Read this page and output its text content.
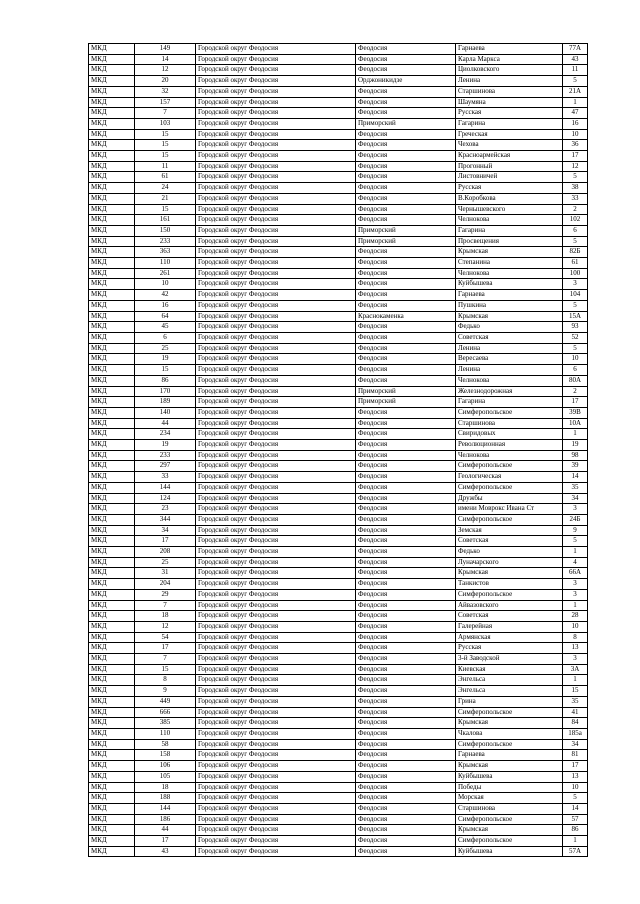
МКД	149	Городской округ Феодосия	Феодосия	Гарнаева	77А
МКД	14	Городской округ Феодосия	Феодосия	Карла Маркса	43
МКД	12	Городской округ Феодосия	Феодосия	Циолковского	11
МКД	20	Городской округ Феодосия	Орджоникидзе	Ленина	5
МКД	32	Городской округ Феодосия	Феодосия	Старшинова	21А
МКД	157	Городской округ Феодосия	Феодосия	Шаумяна	1
МКД	7	Городской округ Феодосия	Феодосия	Русская	47
МКД	103	Городской округ Феодосия	Приморский	Гагарина	16
МКД	15	Городской округ Феодосия	Феодосия	Греческая	10
МКД	15	Городской округ Феодосия	Феодосия	Чехова	36
МКД	15	Городской округ Феодосия	Феодосия	Красноармейская	17
МКД	11	Городской округ Феодосия	Феодосия	Прогонный	12
МКД	61	Городской округ Феодосия	Феодосия	Листовничей	5
МКД	24	Городской округ Феодосия	Феодосия	Русская	38
МКД	21	Городской округ Феодосия	Феодосия	В.Коробкова	33
МКД	15	Городской округ Феодосия	Феодосия	Чернышевского	2
МКД	161	Городской округ Феодосия	Феодосия	Челнокова	102
МКД	150	Городской округ Феодосия	Приморский	Гагарина	6
МКД	233	Городской округ Феодосия	Приморский	Просвещения	5
МКД	363	Городской округ Феодосия	Феодосия	Крымская	82Б
МКД	110	Городской округ Феодосия	Феодосия	Степанина	61
МКД	261	Городской округ Феодосия	Феодосия	Челнокова	100
МКД	10	Городской округ Феодосия	Феодосия	Куйбышева	3
МКД	42	Городской округ Феодосия	Феодосия	Гарнаева	104
МКД	16	Городской округ Феодосия	Феодосия	Пушкина	5
МКД	64	Городской округ Феодосия	Краснокаменка	Крымская	15А
МКД	45	Городской округ Феодосия	Феодосия	Федько	93
МКД	6	Городской округ Феодосия	Феодосия	Советская	52
МКД	25	Городской округ Феодосия	Феодосия	Ленина	5
МКД	19	Городской округ Феодосия	Феодосия	Вересаева	10
МКД	15	Городской округ Феодосия	Феодосия	Ленина	6
МКД	86	Городской округ Феодосия	Феодосия	Челнокова	80А
МКД	170	Городской округ Феодосия	Приморский	Железнодорожная	2
МКД	189	Городской округ Феодосия	Приморский	Гагарина	17
МКД	140	Городской округ Феодосия	Феодосия	Симферопольское	39В
МКД	44	Городской округ Феодосия	Феодосия	Старшинова	10А
МКД	234	Городской округ Феодосия	Феодосия	Свиридовых	1
МКД	19	Городской округ Феодосия	Феодосия	Революционная	19
МКД	233	Городской округ Феодосия	Феодосия	Челнокова	98
МКД	297	Городской округ Феодосия	Феодосия	Симферопольское	39
МКД	33	Городской округ Феодосия	Феодосия	Геологическая	14
МКД	144	Городской округ Феодосия	Феодосия	Симферопольское	35
МКД	124	Городской округ Феодосия	Феодосия	Дружбы	34
МКД	23	Городской округ Феодосия	Феодосия	имени Моврокс Ивана Ст	3
МКД	344	Городской округ Феодосия	Феодосия	Симферопольское	24Б
МКД	34	Городской округ Феодосия	Феодосия	Земская	9
МКД	17	Городской округ Феодосия	Феодосия	Советская	5
МКД	208	Городской округ Феодосия	Феодосия	Федько	1
МКД	25	Городской округ Феодосия	Феодосия	Луначарского	4
МКД	31	Городской округ Феодосия	Феодосия	Крымская	66А
МКД	204	Городской округ Феодосия	Феодосия	Танкистов	3
МКД	29	Городской округ Феодосия	Феодосия	Симферопольское	3
МКД	7	Городской округ Феодосия	Феодосия	Айвазовского	1
МКД	18	Городской округ Феодосия	Феодосия	Советская	28
МКД	12	Городской округ Феодосия	Феодосия	Галерейная	10
МКД	54	Городской округ Феодосия	Феодосия	Армянская	8
МКД	17	Городской округ Феодосия	Феодосия	Русская	13
МКД	7	Городской округ Феодосия	Феодосия	3-й Заводской	3
МКД	15	Городской округ Феодосия	Феодосия	Киевская	3А
МКД	8	Городской округ Феодосия	Феодосия	Энгельса	1
МКД	9	Городской округ Феодосия	Феодосия	Энгельса	15
МКД	449	Городской округ Феодосия	Феодосия	Грина	35
МКД	666	Городской округ Феодосия	Феодосия	Симферопольское	41
МКД	385	Городской округ Феодосия	Феодосия	Крымская	84
МКД	110	Городской округ Феодосия	Феодосия	Чкалова	185а
МКД	58	Городской округ Феодосия	Феодосия	Симферопольское	34
МКД	158	Городской округ Феодосия	Феодосия	Гарнаева	81
МКД	106	Городской округ Феодосия	Феодосия	Крымская	17
МКД	105	Городской округ Феодосия	Феодосия	Куйбышева	13
МКД	18	Городской округ Феодосия	Феодосия	Победы	10
МКД	188	Городской округ Феодосия	Феодосия	Морская	5
МКД	144	Городской округ Феодосия	Феодосия	Старшинова	14
МКД	186	Городской округ Феодосия	Феодосия	Симферопольское	57
МКД	44	Городской округ Феодосия	Феодосия	Крымская	86
МКД	17	Городской округ Феодосия	Феодосия	Симферопольское	1
МКД	43	Городской округ Феодосия	Феодосия	Куйбышева	57А
